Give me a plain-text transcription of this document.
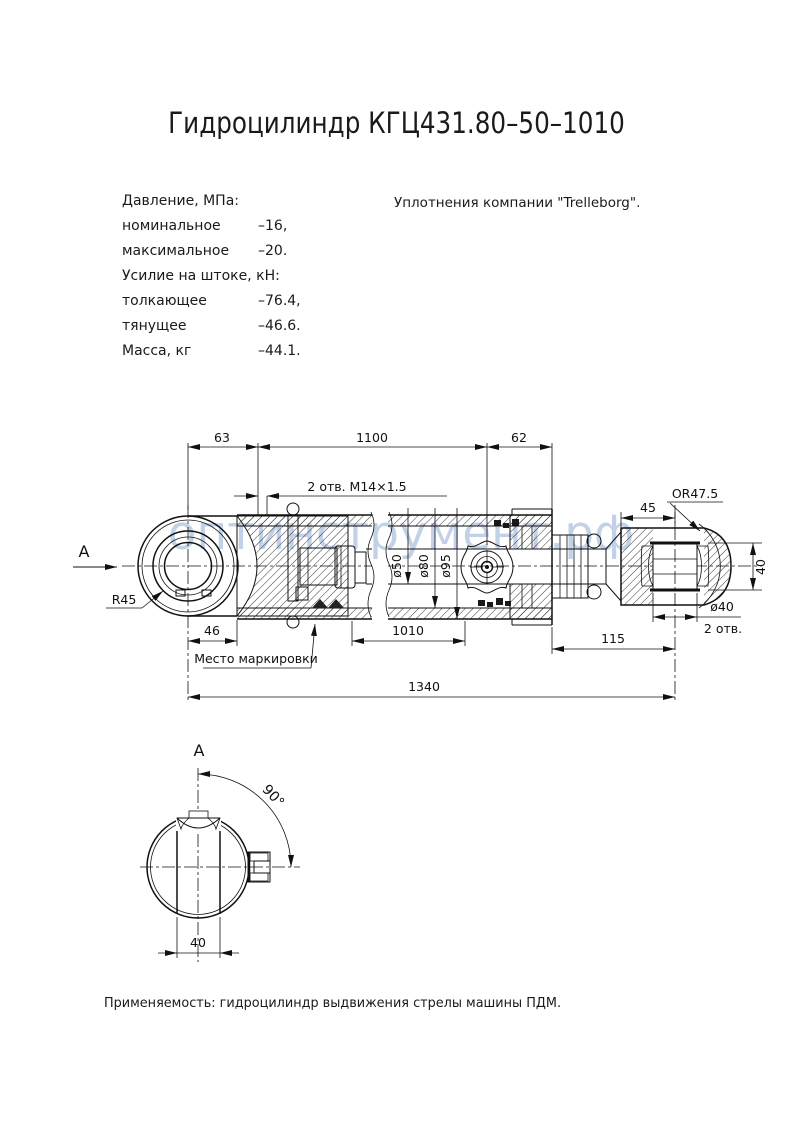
Гидроцилиндр КГЦ431.80–50–1010
Давление, МПа:
номинальное	–16,
максимальное –20.
Усилие на штоке, кН:
толкающее	–76.4,
тянущее	–46.6.
Масса, кг	–44.1.
Уплотнения компании "Trelleborg".
63	1100	62
2 отв. M14×1.5
ø50 ø80 ø95
45
OR47.5
40
ø40
2 отв.
46
Место маркировки
1010
115
1340
A
R45
A
90°
40
оптинструмент.рф
Применяемость: гидроцилиндр выдвижения стрелы машины ПДМ.
